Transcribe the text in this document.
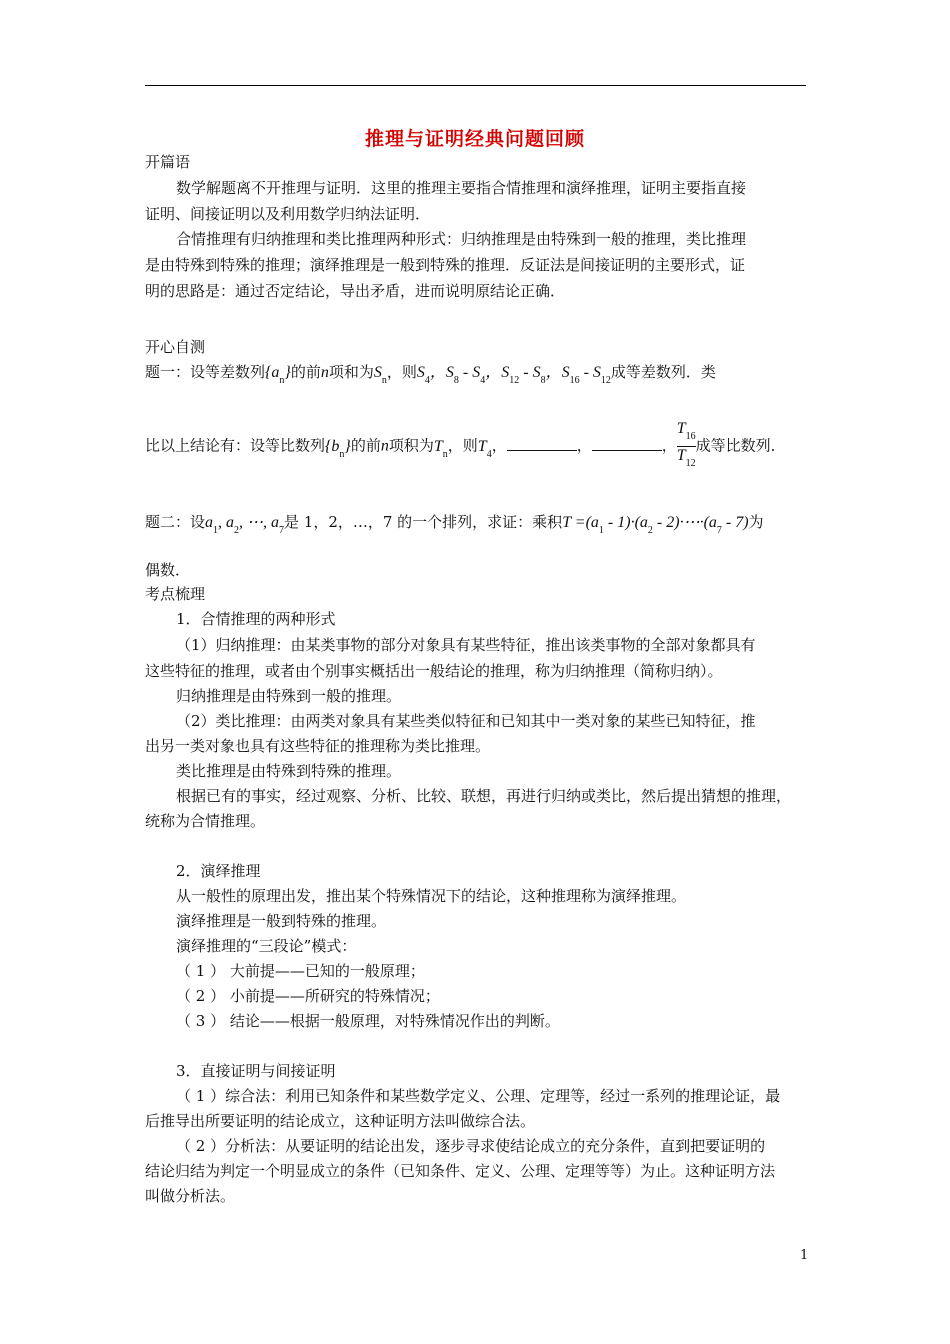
推理与证明经典问题回顾
开篇语
数学解题离不开推理与证明．这里的推理主要指合情推理和演绎推理，证明主要指直接
证明、间接证明以及利用数学归纳法证明．
合情推理有归纳推理和类比推理两种形式：归纳推理是由特殊到一般的推理，类比推理
是由特殊到特殊的推理；演绎推理是一般到特殊的推理．反证法是间接证明的主要形式，证
明的思路是：通过否定结论，导出矛盾，进而说明原结论正确．
开心自测
题一：设等差数列$\{a_n\}$的前n项和为$S_n$，则$S_4$，$S_8 - S_4$，$S_{12} - S_8$，$S_{16} - S_{12}$成等差数列．类
比以上结论有：设等比数列$\{b_n\}$的前n项积为$T_n$，则$T_4$，	，	，$\frac{T_{16}}{T_{12}}$ 成等比数列．
题二：设$a_1$, $a_2$, ⋯, $a_7$是 1，2，…，7 的一个排列，求证：乘积$T =(a_1 - 1)\cdot(a_2$ - $2)\cdot\cdots\cdot(a_7 - 7)$为
偶数．
考点梳理
1．合情推理的两种形式
（1）归纳推理：由某类事物的部分对象具有某些特征，推出该类事物的全部对象都具有
这些特征的推理，或者由个别事实概括出一般结论的推理，称为归纳推理（简称归纳）。
归纳推理是由特殊到一般的推理。
（2）类比推理：由两类对象具有某些类似特征和已知其中一类对象的某些已知特征，推
出另一类对象也具有这些特征的推理称为类比推理。
类比推理是由特殊到特殊的推理。
根据已有的事实，经过观察、分析、比较、联想，再进行归纳或类比，然后提出猜想的推理，
统称为合情推理。
2．演绎推理
从一般性的原理出发，推出某个特殊情况下的结论，这种推理称为演绎推理。
演绎推理是一般到特殊的推理。
演绎推理的“三段论”模式：
（ 1 ） 大前提——已知的一般原理；
（ 2 ） 小前提——所研究的特殊情况；
（ 3 ） 结论——根据一般原理，对特殊情况作出的判断。
3．直接证明与间接证明
（ 1 ）综合法：利用已知条件和某些数学定义、公理、定理等，经过一系列的推理论证，最
后推导出所要证明的结论成立，这种证明方法叫做综合法。
（ 2 ）分析法：从要证明的结论出发，逐步寻求使结论成立的充分条件，直到把要证明的
结论归结为判定一个明显成立的条件（已知条件、定义、公理、定理等等）为止。这种证明方法
叫做分析法。
1
